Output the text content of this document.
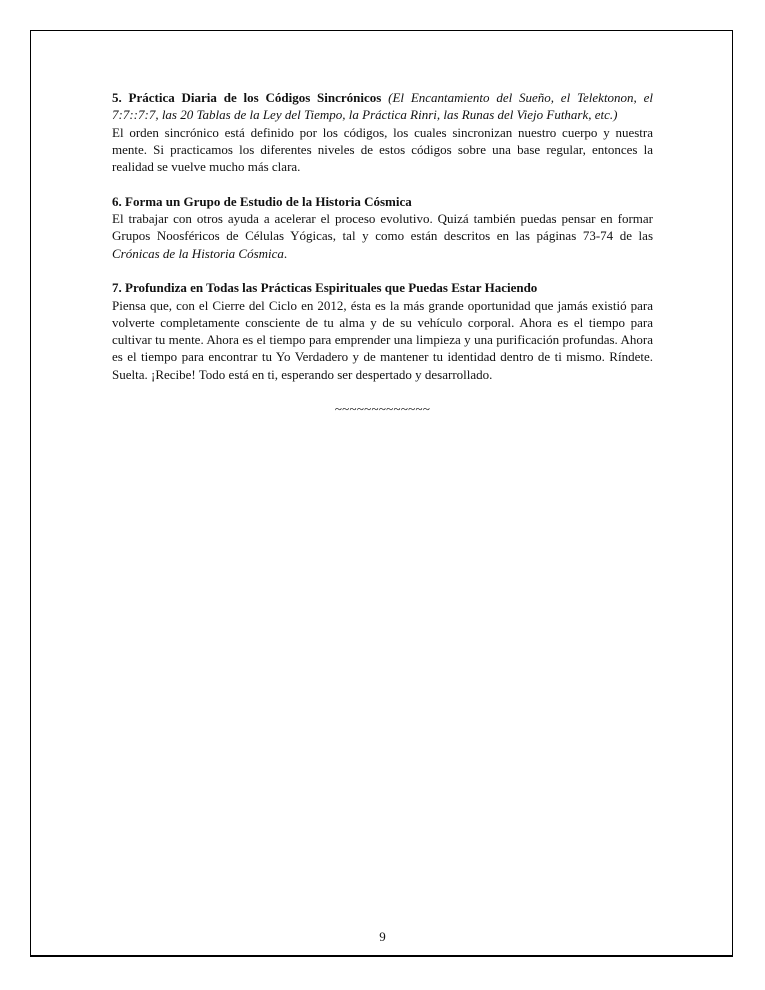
5. Práctica Diaria de los Códigos Sincrónicos (El Encantamiento del Sueño, el Telektonon, el 7:7::7:7, las 20 Tablas de la Ley del Tiempo, la Práctica Rinri, las Runas del Viejo Futhark, etc.)

El orden sincrónico está definido por los códigos, los cuales sincronizan nuestro cuerpo y nuestra mente. Si practicamos los diferentes niveles de estos códigos sobre una base regular, entonces la realidad se vuelve mucho más clara.

6. Forma un Grupo de Estudio de la Historia Cósmica

El trabajar con otros ayuda a acelerar el proceso evolutivo. Quizá también puedas pensar en formar Grupos Noosféricos de Células Yógicas, tal y como están descritos en las páginas 73-74 de las Crónicas de la Historia Cósmica.

7. Profundiza en Todas las Prácticas Espirituales que Puedas Estar Haciendo

Piensa que, con el Cierre del Ciclo en 2012, ésta es la más grande oportunidad que jamás existió para volverte completamente consciente de tu alma y de su vehículo corporal. Ahora es el tiempo para cultivar tu mente. Ahora es el tiempo para emprender una limpieza y una purificación profundas. Ahora es el tiempo para encontrar tu Yo Verdadero y de mantener tu identidad dentro de ti mismo. Ríndete. Suelta. ¡Recibe! Todo está en ti, esperando ser despertado y desarrollado.

~~~~~~~~~~~~~

9
